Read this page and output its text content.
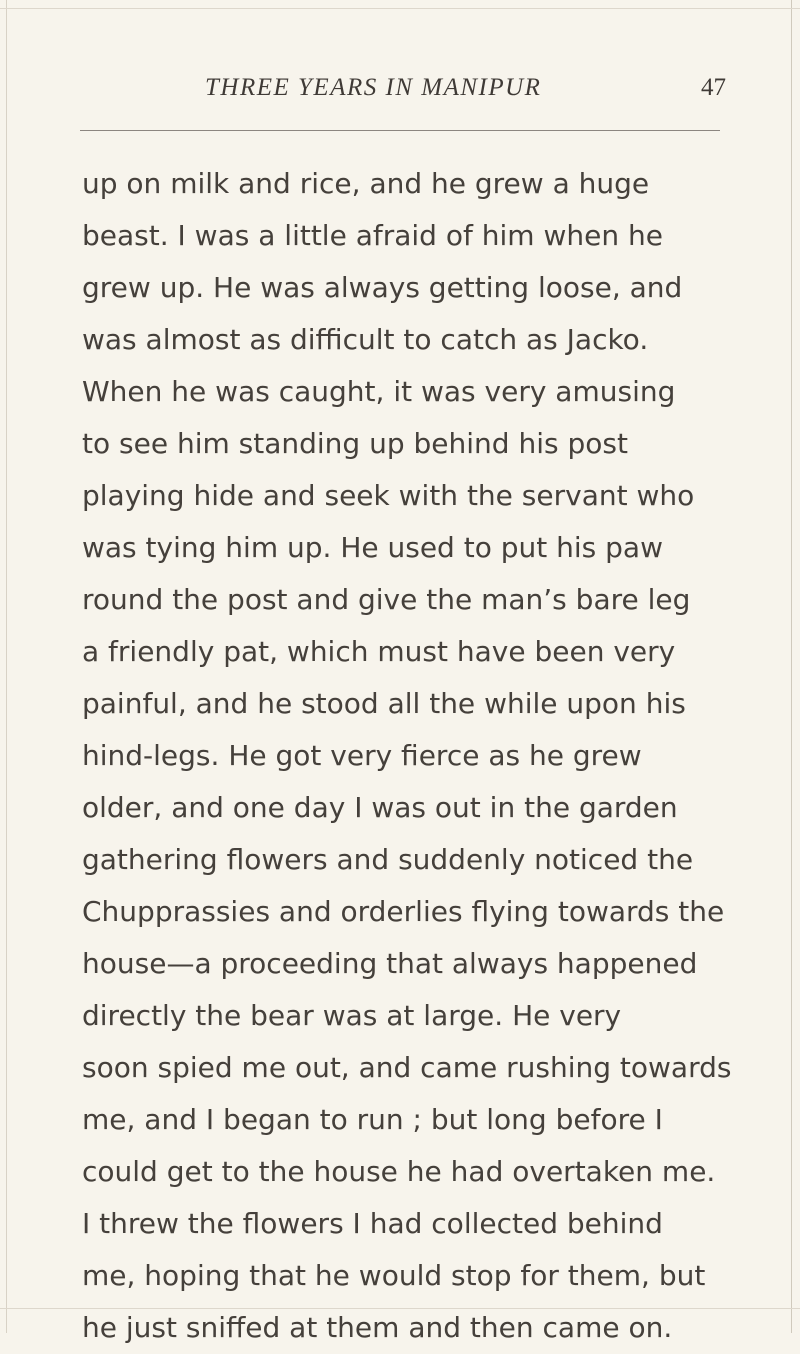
THREE YEARS IN MANIPUR	47
up on milk and rice, and he grew a huge
beast. I was a little afraid of him when he
grew up. He was always getting loose, and
was almost as difficult to catch as Jacko.
When he was caught, it was very amusing
to see him standing up behind his post
playing hide and seek with the servant who
was tying him up. He used to put his paw
round the post and give the man’s bare leg
a friendly pat, which must have been very
painful, and he stood all the while upon his
hind-legs. He got very fierce as he grew
older, and one day I was out in the garden
gathering flowers and suddenly noticed the
Chupprassies and orderlies flying towards the
house—a proceeding that always happened
directly the bear was at large. He very
soon spied me out, and came rushing towards
me, and I began to run ; but long before I
could get to the house he had overtaken me.
I threw the flowers I had collected behind
me, hoping that he would stop for them, but
he just sniffed at them and then came on.
